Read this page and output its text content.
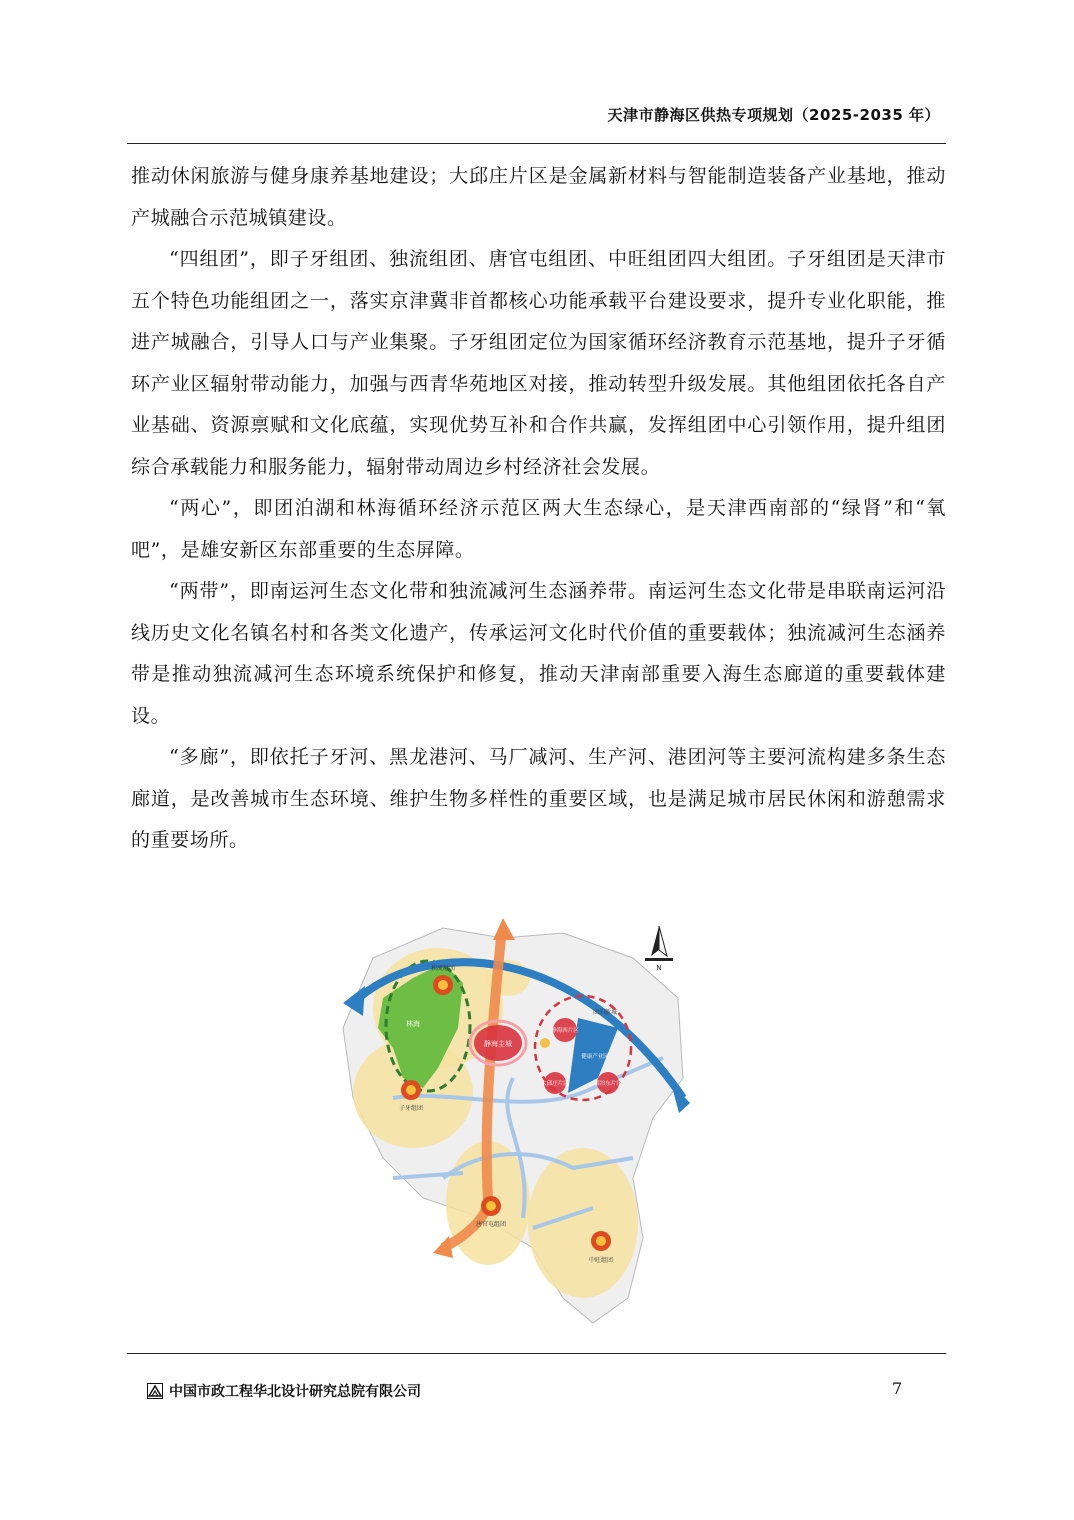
天津市静海区供热专项规划（2025-2035 年）

推动休闲旅游与健身康养基地建设；大邱庄片区是金属新材料与智能制造装备产业基地，推动产城融合示范城镇建设。

“四组团”，即子牙组团、独流组团、唐官屯组团、中旺组团四大组团。子牙组团是天津市五个特色功能组团之一，落实京津冀非首都核心功能承载平台建设要求，提升专业化职能，推进产城融合，引导人口与产业集聚。子牙组团定位为国家循环经济教育示范基地，提升子牙循环产业区辐射带动能力，加强与西青华苑地区对接，推动转型升级发展。其他组团依托各自产业基础、资源禀赋和文化底蕴，实现优势互补和合作共赢，发挥组团中心引领作用，提升组团综合承载能力和服务能力，辐射带动周边乡村经济社会发展。

“两心”，即团泊湖和林海循环经济示范区两大生态绿心，是天津西南部的“绿肾”和“氧吧”，是雄安新区东部重要的生态屏障。

“两带”，即南运河生态文化带和独流减河生态涵养带。南运河生态文化带是串联南运河沿线历史文化名镇名村和各类文化遗产，传承运河文化时代价值的重要载体；独流减河生态涵养带是推动独流减河生态环境系统保护和修复，推动天津南部重要入海生态廊道的重要载体建设。

“多廊”，即依托子牙河、黑龙港河、马厂减河、生产河、港团河等主要河流构建多条生态廊道，是改善城市生态环境、维护生物多样性的重要区域，也是满足城市居民休闲和游憩需求的重要场所。

静海主城
林海
独流组团
子牙组团
唐官屯组团
中旺组团
团泊新城
静海西片区
大邱庄片区	团泊东片区
健康产业园
N
中国市政工程华北设计研究总院有限公司	7
